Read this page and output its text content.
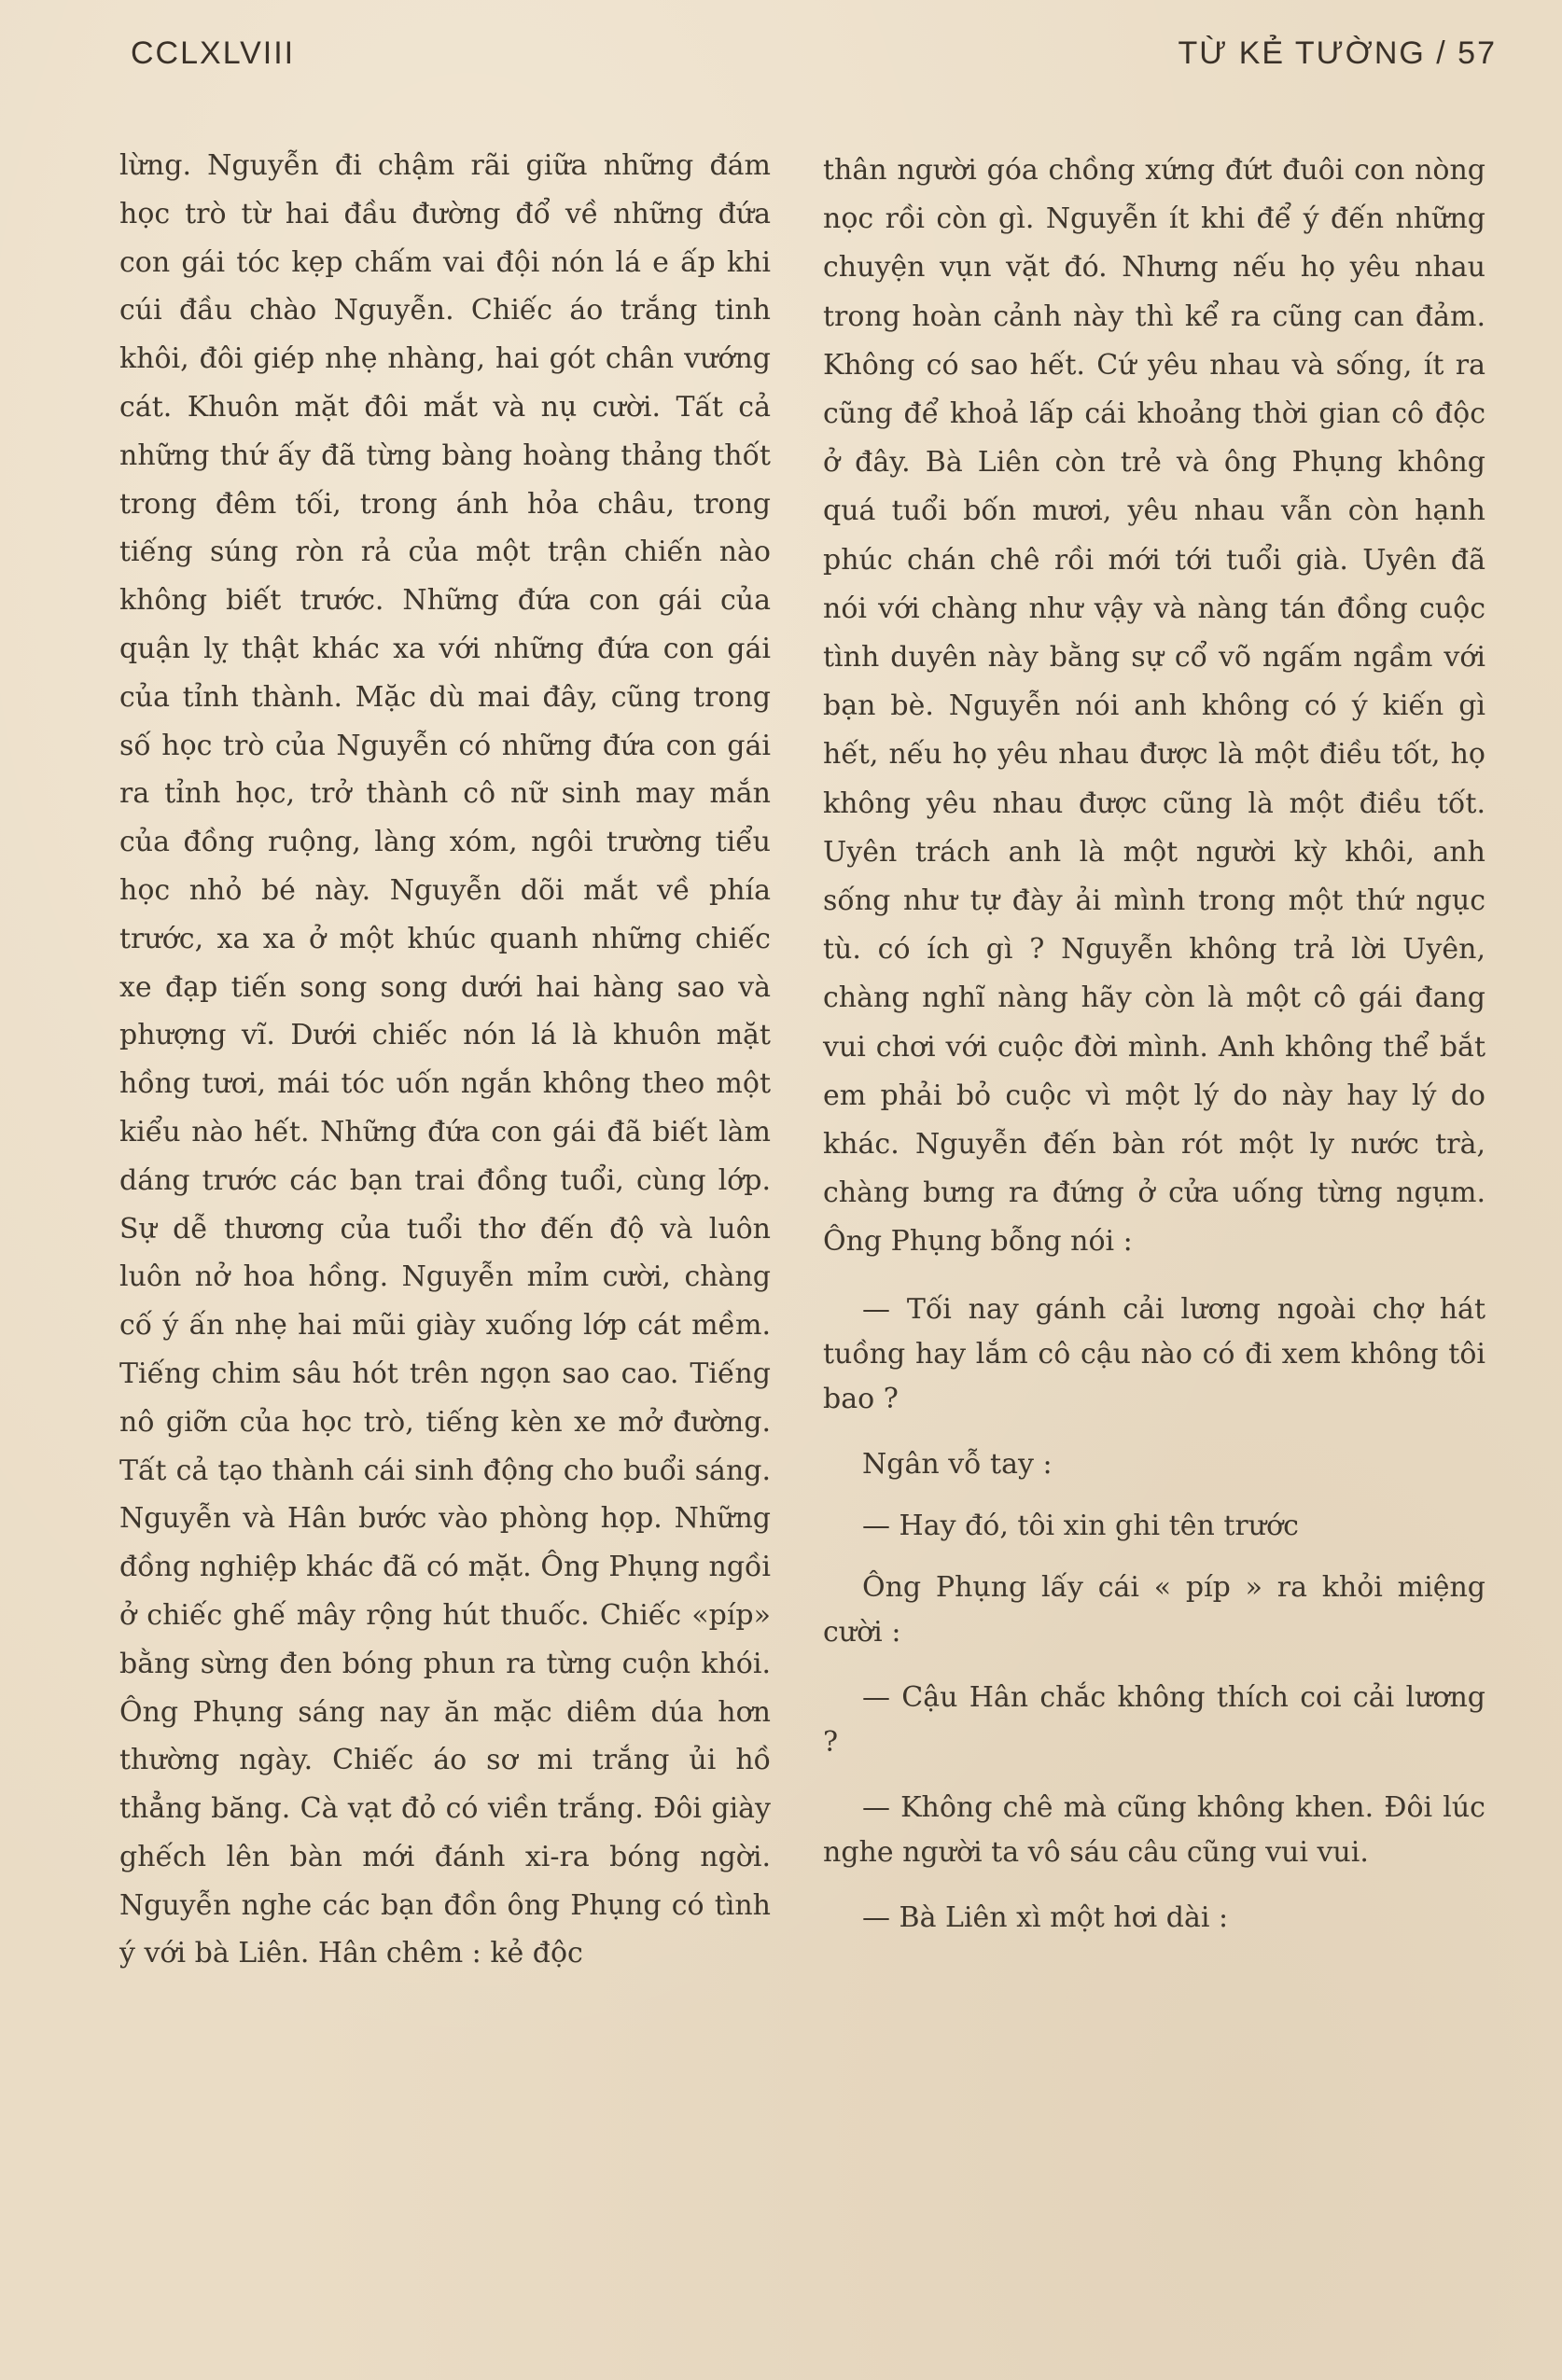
CCLXLVIII	TỪ KẺ TƯỜNG / 57

lừng. Nguyễn đi chậm rãi giữa những đám học trò từ hai đầu đường đổ về những đứa con gái tóc kẹp chấm vai đội nón lá e ấp khi cúi đầu chào Nguyễn. Chiếc áo trắng tinh khôi, đôi giép nhẹ nhàng, hai gót chân vướng cát. Khuôn mặt đôi mắt và nụ cười. Tất cả những thứ ấy đã từng bàng hoàng thảng thốt trong đêm tối, trong ánh hỏa châu, trong tiếng súng ròn rả của một trận chiến nào không biết trước. Những đứa con gái của quận lỵ thật khác xa với những đứa con gái của tỉnh thành. Mặc dù mai đây, cũng trong số học trò của Nguyễn có những đứa con gái ra tỉnh học, trở thành cô nữ sinh may mắn của đồng ruộng, làng xóm, ngôi trường tiểu học nhỏ bé này. Nguyễn dõi mắt về phía trước, xa xa ở một khúc quanh những chiếc xe đạp tiến song song dưới hai hàng sao và phượng vĩ. Dưới chiếc nón lá là khuôn mặt hồng tươi, mái tóc uốn ngắn không theo một kiểu nào hết. Những đứa con gái đã biết làm dáng trước các bạn trai đồng tuổi, cùng lớp. Sự dễ thương của tuổi thơ đến độ và luôn luôn nở hoa hồng. Nguyễn mỉm cười, chàng cố ý ấn nhẹ hai mũi giày xuống lớp cát mềm. Tiếng chim sâu hót trên ngọn sao cao. Tiếng nô giỡn của học trò, tiếng kèn xe mở đường. Tất cả tạo thành cái sinh động cho buổi sáng. Nguyễn và Hân bước vào phòng họp. Những đồng nghiệp khác đã có mặt. Ông Phụng ngồi ở chiếc ghế mây rộng hút thuốc. Chiếc «píp» bằng sừng đen bóng phun ra từng cuộn khói. Ông Phụng sáng nay ăn mặc diêm dúa hơn thường ngày. Chiếc áo sơ mi trắng ủi hồ thẳng băng. Cà vạt đỏ có viền trắng. Đôi giày ghếch lên bàn mới đánh xi-ra bóng ngời. Nguyễn nghe các bạn đồn ông Phụng có tình ý với bà Liên. Hân chêm : kẻ độc

thân người góa chồng xứng đứt đuôi con nòng nọc rồi còn gì. Nguyễn ít khi để ý đến những chuyện vụn vặt đó. Nhưng nếu họ yêu nhau trong hoàn cảnh này thì kể ra cũng can đảm. Không có sao hết. Cứ yêu nhau và sống, ít ra cũng để khoả lấp cái khoảng thời gian cô độc ở đây. Bà Liên còn trẻ và ông Phụng không quá tuổi bốn mươi, yêu nhau vẫn còn hạnh phúc chán chê rồi mới tới tuổi già. Uyên đã nói với chàng như vậy và nàng tán đồng cuộc tình duyên này bằng sự cổ võ ngấm ngầm với bạn bè. Nguyễn nói anh không có ý kiến gì hết, nếu họ yêu nhau được là một điều tốt, họ không yêu nhau được cũng là một điều tốt. Uyên trách anh là một người kỳ khôi, anh sống như tự đày ải mình trong một thứ ngục tù. có ích gì ? Nguyễn không trả lời Uyên, chàng nghĩ nàng hãy còn là một cô gái đang vui chơi với cuộc đời mình. Anh không thể bắt em phải bỏ cuộc vì một lý do này hay lý do khác. Nguyễn đến bàn rót một ly nước trà, chàng bưng ra đứng ở cửa uống từng ngụm. Ông Phụng bỗng nói :

— Tối nay gánh cải lương ngoài chợ hát tuồng hay lắm cô cậu nào có đi xem không tôi bao ?

Ngân vỗ tay :

— Hay đó, tôi xin ghi tên trước

Ông Phụng lấy cái « píp » ra khỏi miệng cười :

— Cậu Hân chắc không thích coi cải lương ?

— Không chê mà cũng không khen. Đôi lúc nghe người ta vô sáu câu cũng vui vui.

— Bà Liên xì một hơi dài :
